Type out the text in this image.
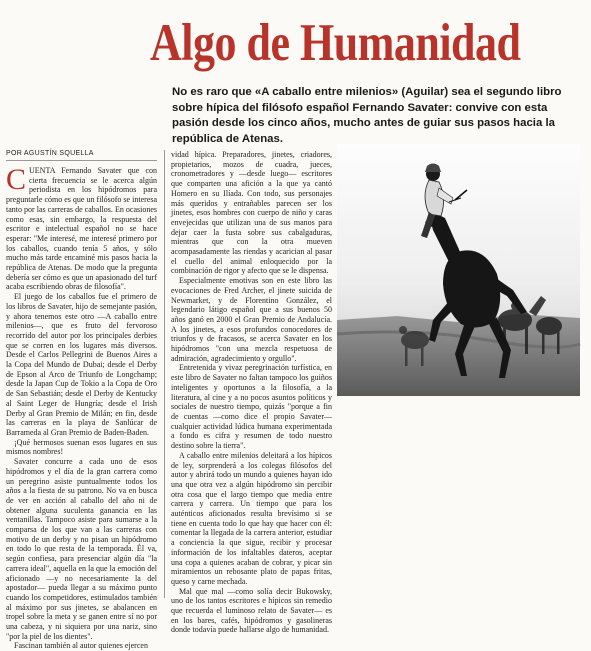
Algo de Humanidad

No es raro que «A caballo entre milenios» (Aguilar) sea el segundo libro sobre hípica del filósofo español Fernando Savater: convive con esta pasión desde los cinco años, mucho antes de guiar sus pasos hacia la república de Atenas.

POR AGUSTÍN SQUELLA

CUENTA Fernando Savater que con cierta frecuencia se le acerca algún periodista en los hipódromos para preguntarle cómo es que un filósofo se interesa tanto por las carreras de caballos. En ocasiones como esas, sin embargo, la respuesta del escritor e intelectual español no se hace esperar: "Me interesé, me interesé primero por los caballos, cuando tenía 5 años, y sólo mucho más tarde encaminé mis pasos hacia la república de Atenas. De modo que la pregunta debería ser cómo es que un apasionado del turf acaba escribiendo obras de filosofía".

El juego de los caballos fue el primero de los libros de Savater, hijo de semejante pasión, y ahora tenemos este otro —A caballo entre milenios—, que es fruto del fervoroso recorrido del autor por los principales derbies que se corren en los lugares más diversos. Desde el Carlos Pellegrini de Buenos Aires a la Copa del Mundo de Dubai; desde el Derby de Epson al Arco de Triunfo de Longchamp; desde la Japan Cup de Tokio a la Copa de Oro de San Sebastián; desde el Derby de Kentucky al Saint Leger de Hungría; desde el Irish Derby al Gran Premio de Milán; en fin, desde las carreras en la playa de Sanlúcar de Barrameda al Gran Premio de Baden-Baden.

¡Qué hermosos suenan esos lugares en sus mismos nombres!

Savater concurre a cada uno de esos hipódromos y el día de la gran carrera como un peregrino asiste puntualmente todos los años a la fiesta de su patrono. No va en busca de ver en acción al caballo del año ni de obtener alguna suculenta ganancia en las ventanillas. Tampoco asiste para sumarse a la comparsa de los que van a las carreras con motivo de un derby y no pisan un hipódromo en todo lo que resta de la temporada. Él va, según confiesa, para presenciar algún día "la carrera ideal", aquella en la que la emoción del aficionado —y no necesariamente la del apostador— pueda llegar a su máximo punto cuando los competidores, estimulados también al máximo por sus jinetes, se abalancen en tropel sobre la meta y se ganen entre sí no por una cabeza, y ni siquiera por una nariz, sino "por la piel de los dientes".

Fascinan también al autor quienes ejercen

vidad hípica. Preparadores, jinetes, criadores, propietarios, mozos de cuadra, jueces, cronometradores y —desde luego— escritores que comparten una afición a la que ya cantó Homero en su Ilíada. Con todo, sus personajes más queridos y entrañables parecen ser los jinetes, esos hombres con cuerpo de niño y caras envejecidas que utilizan una de sus manos para dejar caer la fusta sobre sus cabalgaduras, mientras que con la otra mueven acompasadamente las riendas y acarician al pasar el cuello del animal enloquecido por la combinación de rigor y afecto que se le dispensa.

Especialmente emotivas son en este libro las evocaciones de Fred Archer, el jinete suicida de Newmarket, y de Florentino González, el legendario látigo español que a sus buenos 50 años ganó en 2000 el Gran Premio de Andalucía. A los jinetes, a esos profundos conocedores de triunfos y de fracasos, se acerca Savater en los hipódromos "con una mezcla respetuosa de admiración, agradecimiento y orgullo".

Entretenida y vivaz peregrinación turfística, en este libro de Savater no faltan tampoco los guiños inteligentes y oportunos a la filosofía, a la literatura, al cine y a no pocos asuntos políticos y sociales de nuestro tiempo, quizás "porque a fin de cuentas —como dice el propio Savater— cualquier actividad lúdica humana experimentada a fondo es cifra y resumen de todo nuestro destino sobre la tierra".

A caballo entre milenios deleitará a los hípicos de ley, sorprenderá a los colegas filósofos del autor y abrirá todo un mundo a quienes hayan ido una que otra vez a algún hipódromo sin percibir otra cosa que el largo tiempo que media entre carrera y carrera. Un tiempo que para los auténticos aficionados resulta brevísimo si se tiene en cuenta todo lo que hay que hacer con él: comentar la llegada de la carrera anterior, estudiar a conciencia la que sigue, recibir y procesar información de los infaltables dateros, aceptar una copa a quienes acaban de cobrar, y picar sin miramientos un rebosante plato de papas fritas, queso y carne mechada.

Mal que mal —como solía decir Bukowsky, uno de los tantos escritores e hípicos sin remedio que recuerda el luminoso relato de Savater— es en los bares, cafés, hipódromos y gasolineras donde todavía puede hallarse algo de humanidad.
